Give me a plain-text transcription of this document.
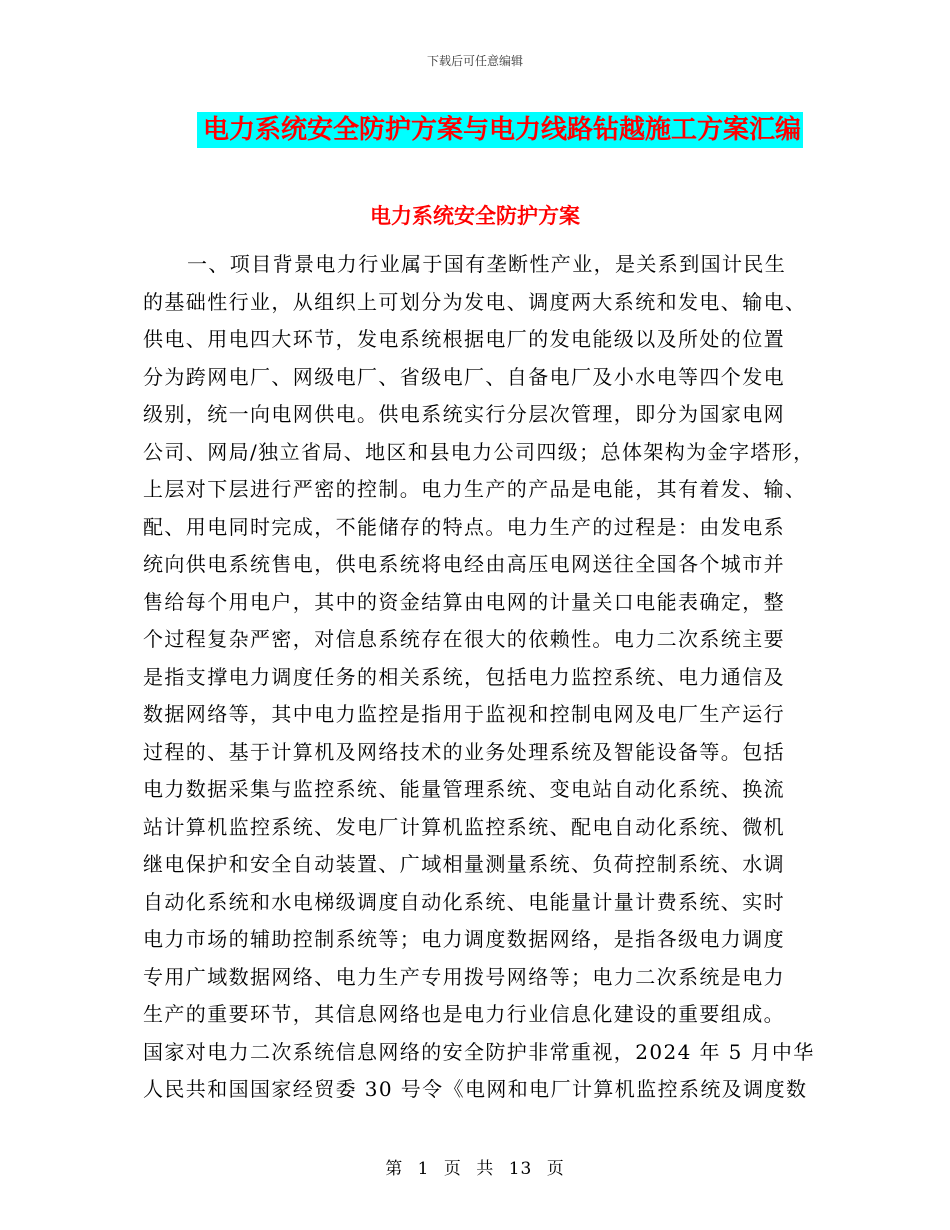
下载后可任意编辑
电力系统安全防护方案与电力线路钻越施工方案汇编
电力系统安全防护方案
一、项目背景电力行业属于国有垄断性产业，是关系到国计民生
的基础性行业，从组织上可划分为发电、调度两大系统和发电、输电、
供电、用电四大环节，发电系统根据电厂的发电能级以及所处的位置
分为跨网电厂、网级电厂、省级电厂、自备电厂及小水电等四个发电
级别，统一向电网供电。供电系统实行分层次管理，即分为国家电网
公司、网局/独立省局、地区和县电力公司四级；总体架构为金字塔形，
上层对下层进行严密的控制。电力生产的产品是电能，其有着发、输、
配、用电同时完成，不能储存的特点。电力生产的过程是：由发电系
统向供电系统售电，供电系统将电经由高压电网送往全国各个城市并
售给每个用电户，其中的资金结算由电网的计量关口电能表确定，整
个过程复杂严密，对信息系统存在很大的依赖性。电力二次系统主要
是指支撑电力调度任务的相关系统，包括电力监控系统、电力通信及
数据网络等，其中电力监控是指用于监视和控制电网及电厂生产运行
过程的、基于计算机及网络技术的业务处理系统及智能设备等。包括
电力数据采集与监控系统、能量管理系统、变电站自动化系统、换流
站计算机监控系统、发电厂计算机监控系统、配电自动化系统、微机
继电保护和安全自动装置、广域相量测量系统、负荷控制系统、水调
自动化系统和水电梯级调度自动化系统、电能量计量计费系统、实时
电力市场的辅助控制系统等；电力调度数据网络，是指各级电力调度
专用广域数据网络、电力生产专用拨号网络等；电力二次系统是电力
生产的重要环节，其信息网络也是电力行业信息化建设的重要组成。
国家对电力二次系统信息网络的安全防护非常重视，2024 年 5 月中华
人民共和国国家经贸委 30 号令《电网和电厂计算机监控系统及调度数
第 1 页 共 13 页
